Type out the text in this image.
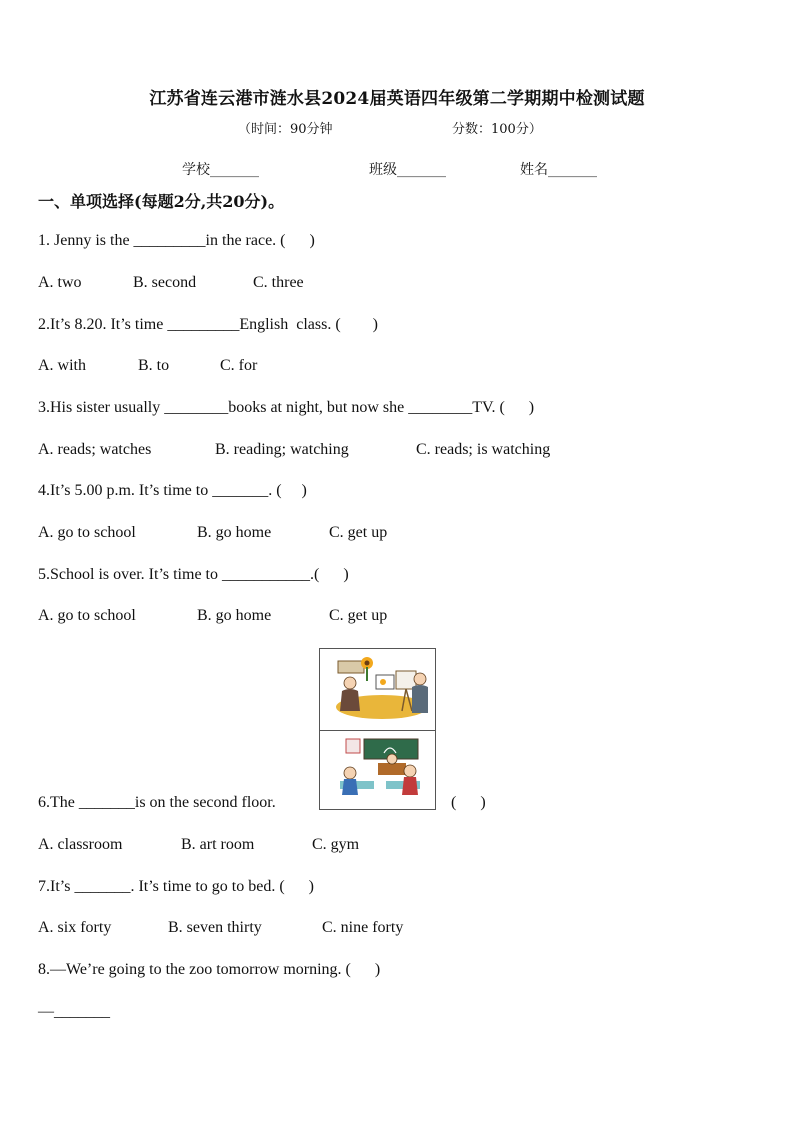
江苏省连云港市涟水县2024届英语四年级第二学期期中检测试题
（时间：90分钟	分数：100分）
学校_______	班级_______	姓名_______
一、单项选择(每题2分,共20分)。
1. Jenny is the _________in the race. (      )
A. two	B. second	C. three
2.It’s 8.20. It’s time _________English  class. (        )
A. with	B. to	C. for
3.His sister usually ________books at night, but now she ________TV. (      )
A. reads; watches	B. reading; watching	C. reads; is watching
4.It’s 5.00 p.m. It’s time to _______. (     )
A. go to school	B. go home	C. get up
5.School is over. It’s time to ___________.(      )
A. go to school	B. go home	C. get up
6.The _______is on the second floor.	(      )
A. classroom	B. art room	C. gym
7.It’s _______. It’s time to go to bed. (      )
A. six forty	B. seven thirty	C. nine forty
8.—We’re going to the zoo tomorrow morning. (      )
—_______
